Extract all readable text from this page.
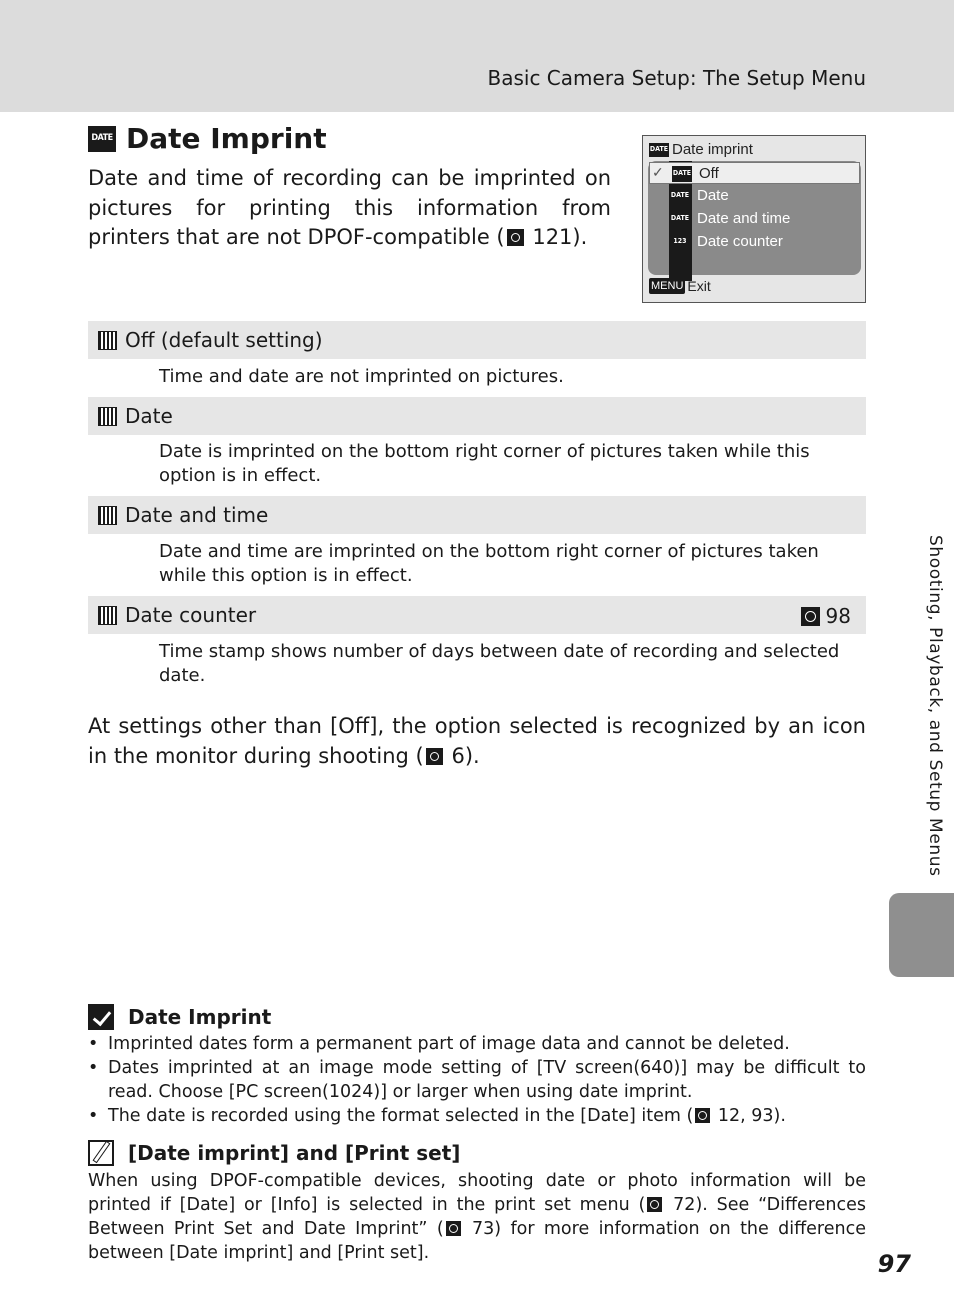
Basic Camera Setup: The Setup Menu
DATE Date Imprint

Date and time of recording can be imprinted on pictures for printing this information from printers that are not DPOF-compatible ( 121).

DATE Date imprint
✓ DATE Off
DATE Date
DATE Date and time
123 Date counter
MENU Exit
Off (default setting)

Time and date are not imprinted on pictures.

Date

Date is imprinted on the bottom right corner of pictures taken while this option is in effect.

Date and time

Date and time are imprinted on the bottom right corner of pictures taken while this option is in effect.

Date counter	98

Time stamp shows number of days between date of recording and selected date.

At settings other than [Off], the option selected is recognized by an icon in the monitor during shooting ( 6).	Shooting, Playback, and Setup Menus
Date Imprint
• Imprinted dates form a permanent part of image data and cannot be deleted.
• Dates imprinted at an image mode setting of [TV screen(640)] may be difficult to read. Choose [PC screen(1024)] or larger when using date imprint.
• The date is recorded using the format selected in the [Date] item ( 12, 93).
[Date imprint] and [Print set]

When using DPOF-compatible devices, shooting date or photo information will be printed if [Date] or [Info] is selected in the print set menu ( 72). See “Differences Between Print Set and Date Imprint” ( 73) for more information on the difference between [Date imprint] and [Print set].	97
